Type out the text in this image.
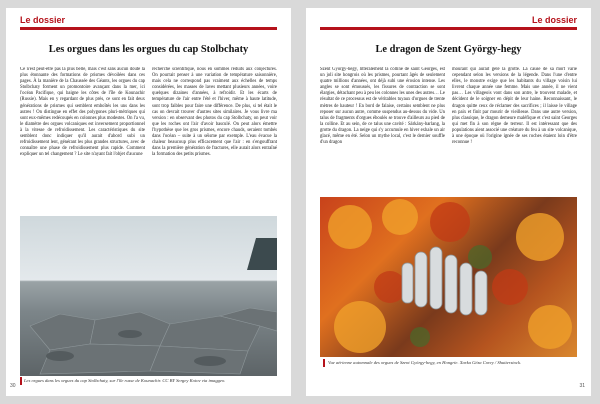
Le dossier
Les orgues dans les orgues du cap Stolbchaty

Ce n'est peut-être pas la plus belle, mais c'est sans aucun doute la plus étonnante des formations de prismes dévoilées dans ces pages. À la manière de la Chaussée des Géants, les orgues du cap Stolbchaty forment un promontoire avançant dans la mer, ici l'océan Pacifique, qui baigne les côtes de l'île de Kounachir (Russie). Mais en y regardant de plus près, ce sont en fait deux générations de prismes qui semblent emboîtés les uns dans les autres ! On distingue en effet des polygones pluri-métriques qui sont eux-mêmes redécoupés en colonnes plus modestes. On l'a vu, le diamètre des orgues volcaniques est inversement proportionnel à la vitesse de refroidissement. Les caractéristiques du site semblent donc indiquer qu'il aurait d'abord subi un refroidissement lent, générant les plus grandes structures, avec de connaître une phase de refroidissement plus rapide. Comment expliquer un tel changement ? Le site n'ayant fait l'objet d'aucune

recherche scientifique, nous en sommes réduits aux conjectures. On pourrait penser à une variation de température saisonnière, mais cela ne correspond pas vraiment aux échelles de temps considérées, les masses de laves mettant plusieurs années, voire quelques dizaines d'années, à refroidir. Et les écarts de température de l'air entre l'été et l'hiver, même à haute latitude, sont trop faibles pour faire une différence. De plus, si tel était le cas on devrait trouver d'autres sites similaires. Je vous livre ma version : en observant des photos du cap Stolbchaty, on peut voir que les roches ont l'air d'avoir basculé. On peut alors émettre l'hypothèse que les gros prismes, encore chauds, seraient tombés dans l'océan – suite à un séisme par exemple. L'eau évacue la chaleur beaucoup plus efficacement que l'air : en s'engouffrant dans la première génération de fractures, elle aurait alors entraîné la formation des petits prismes.

Les orgues dans les orgues du cap Stolbchaty, sur l'île russe de Kounachir. CC BY Sergey Kotov via imaggeo.
30
Le dossier
Le dragon de Szent György-hegy

Szent György-hegy, littéralement la colline de saint Georges, est un joli site hongrois où les prismes, pourtant âgés de seulement quatre millions d'années, ont déjà subi une érosion intense. Les angles se sont émoussés, les fissures de contraction se sont élargies, détachant peu à peu les colonnes les unes des autres… Le résultat de ce processus est de véritables tuyaux d'orgues de trente mètres de hauteur ! En bord de falaise, certains semblent ne plus reposer sur aucun autre, comme suspendus au-dessus du vide. Un talus de fragments d'orgues éboulés se trouve d'ailleurs au pied de la colline. Et au sein, de ce talus une cavité : Sárkány-barlang, la grotte du dragon. La neige qui s'y accumule en hiver exhale un air glacé, même en été. Selon un mythe local, c'est le dernier souffle d'un dragon

mourant qui aurait gelé la grotte. La cause de sa mort varie cependant selon les versions de la légende. Dans l'une d'entre elles, le monstre exige que les habitants du village voisin lui livrent chaque année une femme. Mais une année, il ne vient pas… Les villageois vont dans son antre, le trouvent malade, et décident de le soigner en dépit de leur haine. Reconnaissant, le dragon quitte ceux de réclamer des sacrifices ; il laisse le village en paix et finit par mourir de vieillesse. Dans une autre version, plus classique, le dragon demeure maléfique et c'est saint Georges qui met fin à son règne de terreur. Il est intéressant que des populations aient associé une créature du feu à un site volcanique, à une époque où l'origine ignée de ses roches étaient loin d'être reconnue !

Vue aérienne automnale des orgues de Szent György-hegy, en Hongrie. Xarka Géza Corey / Shutterstock.
31
